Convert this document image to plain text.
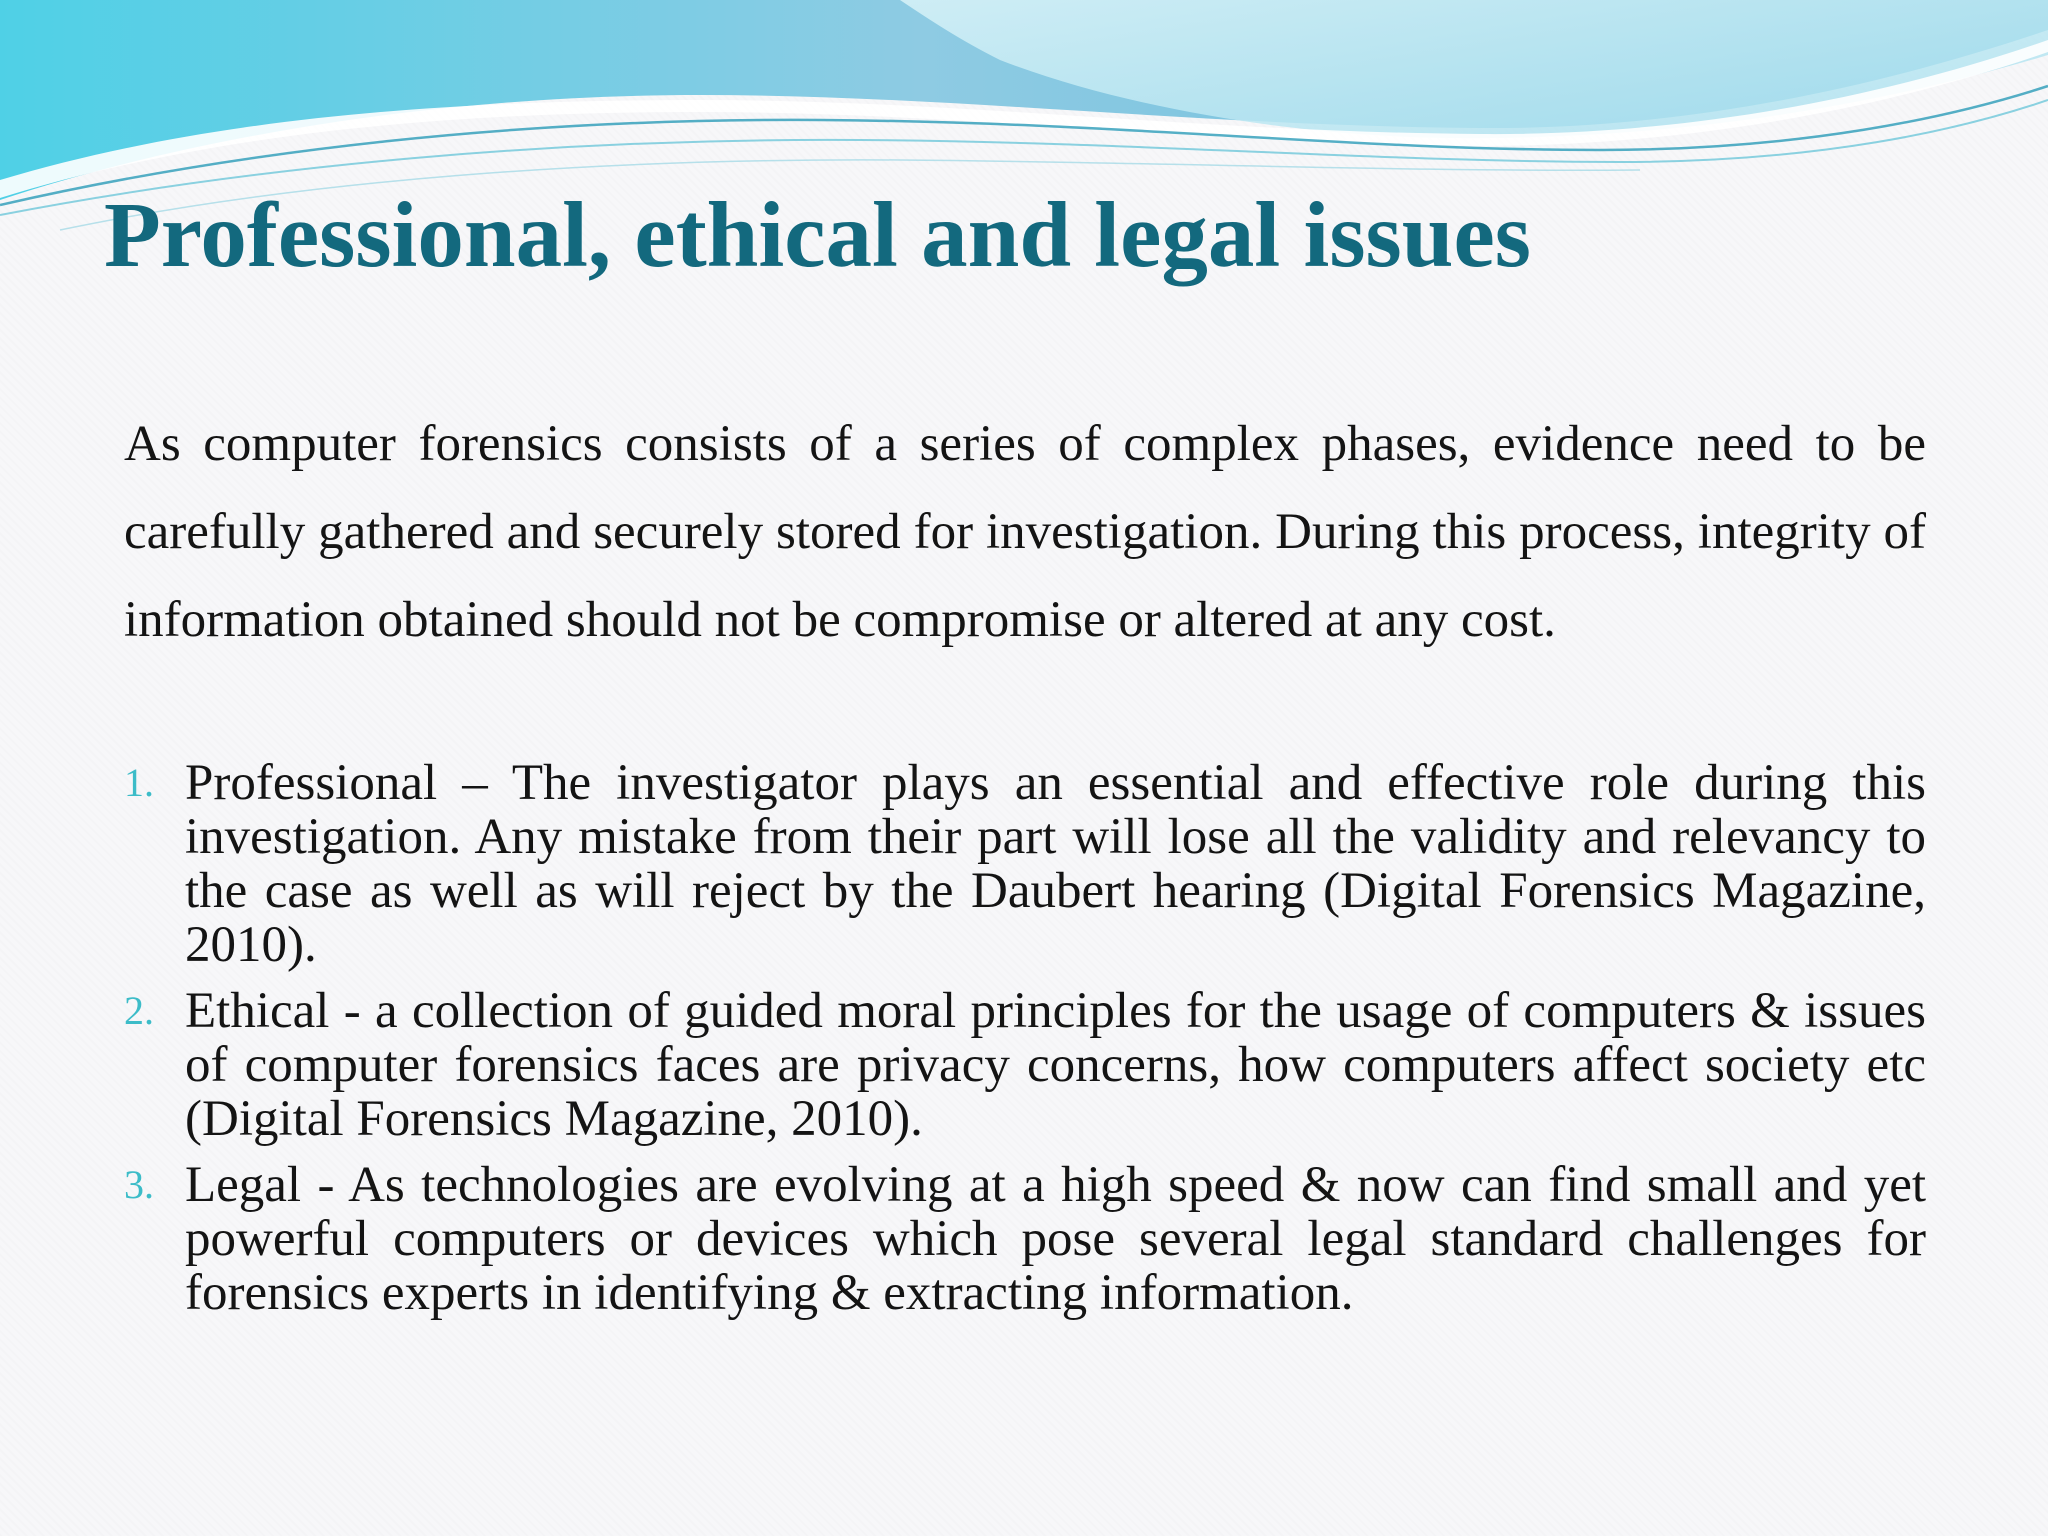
Professional, ethical and legal issues

As computer forensics consists of a series of complex phases, evidence need to be carefully gathered and securely stored for investigation. During this process, integrity of information obtained should not be compromise or altered at any cost.

1. Professional – The investigator plays an essential and effective role during this investigation. Any mistake from their part will lose all the validity and relevancy to the case as well as will reject by the Daubert hearing (Digital Forensics Magazine, 2010).
2. Ethical - a collection of guided moral principles for the usage of computers & issues of computer forensics faces are privacy concerns, how computers affect society etc (Digital Forensics Magazine, 2010).
3. Legal - As technologies are evolving at a high speed & now can find small and yet powerful computers or devices which pose several legal standard challenges for forensics experts in identifying & extracting information.
